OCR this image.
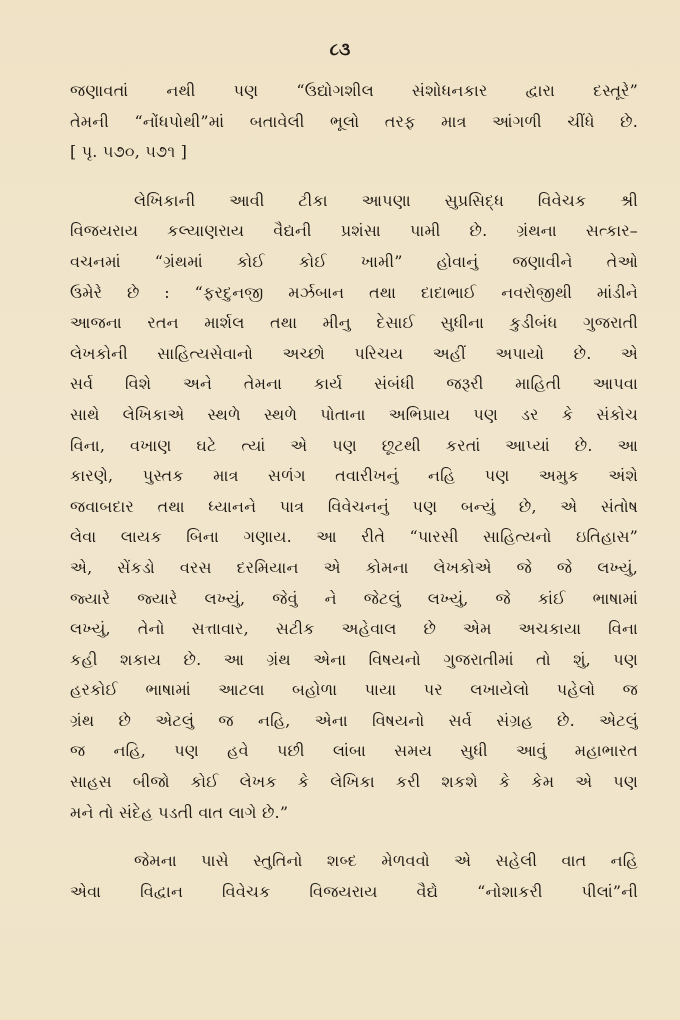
૮૩
જણાવતાં નથી પણ “ઉદ્યોગશીલ સંશોધનકાર દ્વારા દસ્તૂરે”
તેમની “નોંધપોથી”માં બતાવેલી ભૂલો તરફ માત્ર આંગળી ચીંધે છે.
[ પૃ. ૫૭૦, ૫૭૧ ]
લેખિકાની આવી ટીકા આપણા સુપ્રસિદ્ધ વિવેચક શ્રી
વિજયરાય કલ્યાણરાય વૈદ્યની પ્રશંસા પામી છે. ગ્રંથના સત્કાર–
વચનમાં “ગ્રંથમાં કોઈ કોઈ ખામી” હોવાનું જણાવીને તેઓ
ઉમેરે છે : “ફરદુનજી મર્ઝબાન તથા દાદાભાઈ નવરોજીથી માંડીને
આજના રતન માર્શલ તથા મીનુ દેસાઈ સુધીના કુડીબંધ ગુજરાતી
લેખકોની સાહિત્યસેવાનો અચ્છો પરિચય અહીં અપાયો છે. એ
સર્વ વિશે અને તેમના કાર્ય સંબંધી જરૂરી માહિતી આપવા
સાથે લેખિકાએ સ્થળે સ્થળે પોતાના અભિપ્રાય પણ ડર કે સંકોચ
વિના, વખાણ ઘટે ત્યાં એ પણ છૂટથી કરતાં આપ્યાં છે. આ
કારણે, પુસ્તક માત્ર સળંગ તવારીખનું નહિ પણ અમુક અંશે
જવાબદાર તથા ધ્યાનને પાત્ર વિવેચનનું પણ બન્યું છે, એ સંતોષ
લેવા લાયક બિના ગણાય. આ રીતે “પારસી સાહિત્યનો ઇતિહાસ”
એ, સેંકડો વરસ દરમિયાન એ કોમના લેખકોએ જે જે લખ્યું,
જ્યારે જ્યારે લખ્યું, જેવું ને જેટલું લખ્યું, જે કાંઈ ભાષામાં
લખ્યું, તેનો સત્તાવાર, સટીક અહેવાલ છે એમ અચકાયા વિના
કહી શકાય છે. આ ગ્રંથ એના વિષયનો ગુજરાતીમાં તો શું, પણ
હરકોઈ ભાષામાં આટલા બહોળા પાયા પર લખાયેલો પહેલો જ
ગ્રંથ છે એટલું જ નહિ, એના વિષયનો સર્વ સંગ્રહ છે. એટલું
જ નહિ, પણ હવે પછી લાંબા સમય સુધી આવું મહાભારત
સાહસ બીજો કોઈ લેખક કે લેખિકા કરી શકશે કે કેમ એ પણ
મને તો સંદેહ પડતી વાત લાગે છે.”
જેમના પાસે સ્તુતિનો શબ્દ મેળવવો એ સહેલી વાત નહિ
એવા વિદ્વાન વિવેચક વિજયરાય વૈદ્યે “નોશાકરી પીલાં”ની
